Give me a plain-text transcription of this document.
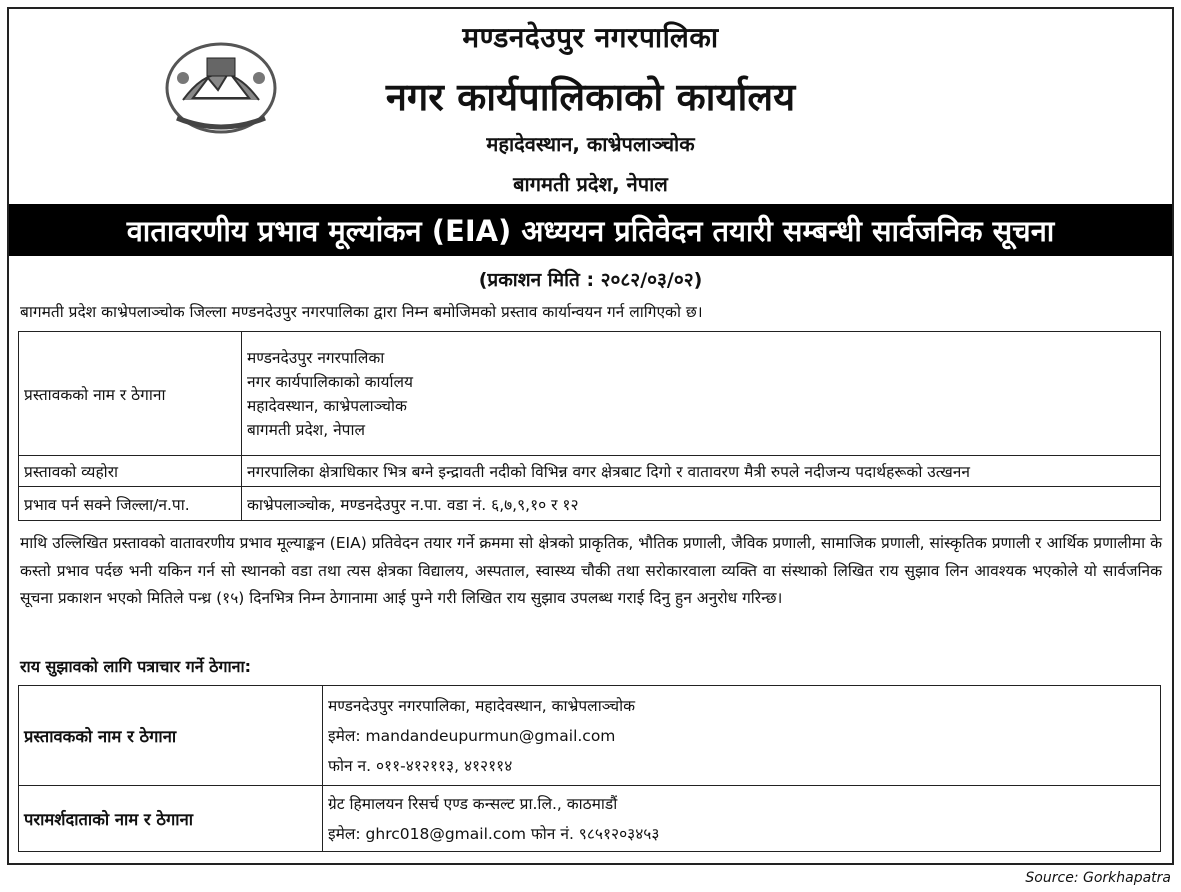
मण्डनदेउपुर नगरपालिका
नगर कार्यपालिकाको कार्यालय
महादेवस्थान, काभ्रेपलाञ्चोक
बागमती प्रदेश, नेपाल
वातावरणीय प्रभाव मूल्यांकन (EIA) अध्ययन प्रतिवेदन तयारी सम्बन्धी सार्वजनिक सूचना
(प्रकाशन मिति : २०८२/०३/०२)
बागमती प्रदेश काभ्रेपलाञ्चोक जिल्ला मण्डनदेउपुर नगरपालिका द्वारा निम्न बमोजिमको प्रस्ताव कार्यान्वयन गर्न लागिएको छ।
प्रस्तावकको नाम र ठेगाना	मण्डनदेउपुर नगरपालिका
नगर कार्यपालिकाको कार्यालय
महादेवस्थान, काभ्रेपलाञ्चोक
बागमती प्रदेश, नेपाल

प्रस्तावको व्यहोरा	नगरपालिका क्षेत्राधिकार भित्र बग्ने इन्द्रावती नदीको विभिन्न वगर क्षेत्रबाट दिगो र वातावरण मैत्री रुपले नदीजन्य पदार्थहरूको उत्खनन
प्रभाव पर्न सक्ने जिल्ला/न.पा.	काभ्रेपलाञ्चोक, मण्डनदेउपुर न.पा. वडा नं. ६,७,९,१० र १२
माथि उल्लिखित प्रस्तावको वातावरणीय प्रभाव मूल्याङ्कन (EIA) प्रतिवेदन तयार गर्ने क्रममा सो क्षेत्रको प्राकृतिक, भौतिक प्रणाली, जैविक प्रणाली, सामाजिक प्रणाली, सांस्कृतिक प्रणाली र आर्थिक प्रणालीमा के कस्तो प्रभाव पर्दछ भनी यकिन गर्न सो स्थानको वडा तथा त्यस क्षेत्रका विद्यालय, अस्पताल, स्वास्थ्य चौकी तथा सरोकारवाला व्यक्ति वा संस्थाको लिखित राय सुझाव लिन आवश्यक भएकोले यो सार्वजनिक सूचना प्रकाशन भएको मितिले पन्ध्र (१५) दिनभित्र निम्न ठेगानामा आई पुग्ने गरी लिखित राय सुझाव उपलब्ध गराई दिनु हुन अनुरोध गरिन्छ।
राय सुझावको लागि पत्राचार गर्ने ठेगाना:
प्रस्तावकको नाम र ठेगाना	मण्डनदेउपुर नगरपालिका, महादेवस्थान, काभ्रेपलाञ्चोक
इमेल: mandandeupurmun@gmail.com
फोन न. ०११-४१२११३, ४१२११४

परामर्शदाताको नाम र ठेगाना	ग्रेट हिमालयन रिसर्च एण्ड कन्सल्ट प्रा.लि., काठमाडौं
इमेल: ghrc018@gmail.com फोन नं. ९८५१२०३४५३
Source: Gorkhapatra
